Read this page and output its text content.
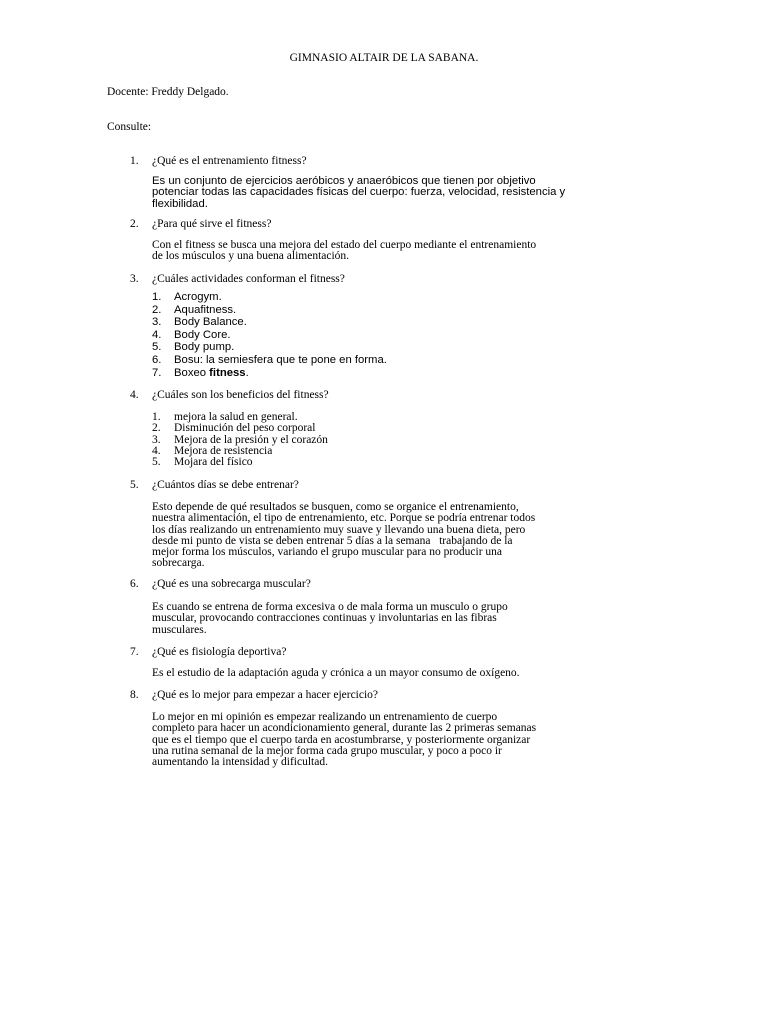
GIMNASIO ALTAIR DE LA SABANA.
Docente: Freddy Delgado.
Consulte:
1. ¿Qué es el entrenamiento fitness?
Es un conjunto de ejercicios aeróbicos y anaeróbicos que tienen por objetivo
potenciar todas las capacidades físicas del cuerpo: fuerza, velocidad, resistencia y
flexibilidad.
2. ¿Para qué sirve el fitness?
Con el fitness se busca una mejora del estado del cuerpo mediante el entrenamiento
de los músculos y una buena alimentación.
3. ¿Cuáles actividades conforman el fitness?
1. Acrogym.
2. Aquafitness.
3. Body Balance.
4. Body Core.
5. Body pump.
6. Bosu: la semiesfera que te pone en forma.
7. Boxeo fitness.
4. ¿Cuáles son los beneficios del fitness?
1. mejora la salud en general.
2. Disminución del peso corporal
3. Mejora de la presión y el corazón
4. Mejora de resistencia
5. Mojara del físico
5. ¿Cuántos días se debe entrenar?
Esto depende de qué resultados se busquen, como se organice el entrenamiento,
nuestra alimentación, el tipo de entrenamiento, etc. Porque se podría entrenar todos
los días realizando un entrenamiento muy suave y llevando una buena dieta, pero
desde mi punto de vista se deben entrenar 5 días a la semana   trabajando de la
mejor forma los músculos, variando el grupo muscular para no producir una
sobrecarga.
6. ¿Qué es una sobrecarga muscular?
Es cuando se entrena de forma excesiva o de mala forma un musculo o grupo
muscular, provocando contracciones continuas y involuntarias en las fibras
musculares.
7. ¿Qué es fisiología deportiva?
Es el estudio de la adaptación aguda y crónica a un mayor consumo de oxígeno.
8. ¿Qué es lo mejor para empezar a hacer ejercicio?
Lo mejor en mi opinión es empezar realizando un entrenamiento de cuerpo
completo para hacer un acondicionamiento general, durante las 2 primeras semanas
que es el tiempo que el cuerpo tarda en acostumbrarse, y posteriormente organizar
una rutina semanal de la mejor forma cada grupo muscular, y poco a poco ir
aumentando la intensidad y dificultad.
